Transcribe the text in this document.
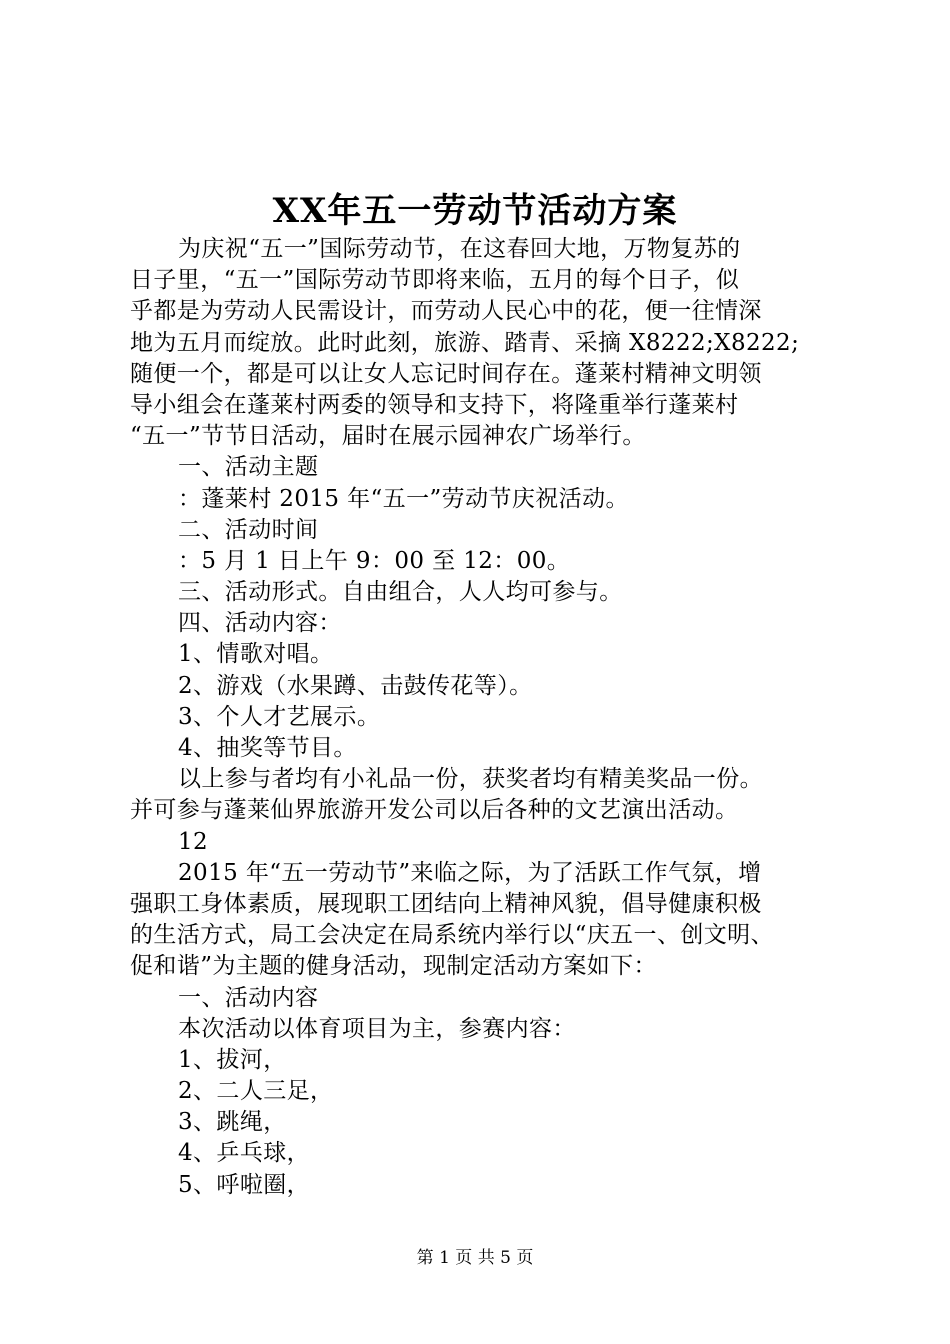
XX年五一劳动节活动方案
为庆祝“五一”国际劳动节，在这春回大地，万物复苏的
日子里，“五一”国际劳动节即将来临，五月的每个日子，似
乎都是为劳动人民需设计，而劳动人民心中的花，便一往情深
地为五月而绽放。此时此刻，旅游、踏青、采摘 X8222;X8222;
随便一个，都是可以让女人忘记时间存在。蓬莱村精神文明领
导小组会在蓬莱村两委的领导和支持下，将隆重举行蓬莱村
“五一”节节日活动，届时在展示园神农广场举行。
一、活动主题
：蓬莱村 2015 年“五一”劳动节庆祝活动。
二、活动时间
：5 月 1 日上午 9：00 至 12：00。
三、活动形式。自由组合，人人均可参与。
四、活动内容：
1、情歌对唱。
2、游戏（水果蹲、击鼓传花等）。
3、个人才艺展示。
4、抽奖等节目。
以上参与者均有小礼品一份，获奖者均有精美奖品一份。
并可参与蓬莱仙界旅游开发公司以后各种的文艺演出活动。
12
2015 年“五一劳动节”来临之际，为了活跃工作气氛，增
强职工身体素质，展现职工团结向上精神风貌，倡导健康积极
的生活方式，局工会决定在局系统内举行以“庆五一、创文明、
促和谐”为主题的健身活动，现制定活动方案如下：
一、活动内容
本次活动以体育项目为主，参赛内容：
1、拔河，
2、二人三足，
3、跳绳，
4、乒乓球，
5、呼啦圈，
第 1 页 共 5 页
